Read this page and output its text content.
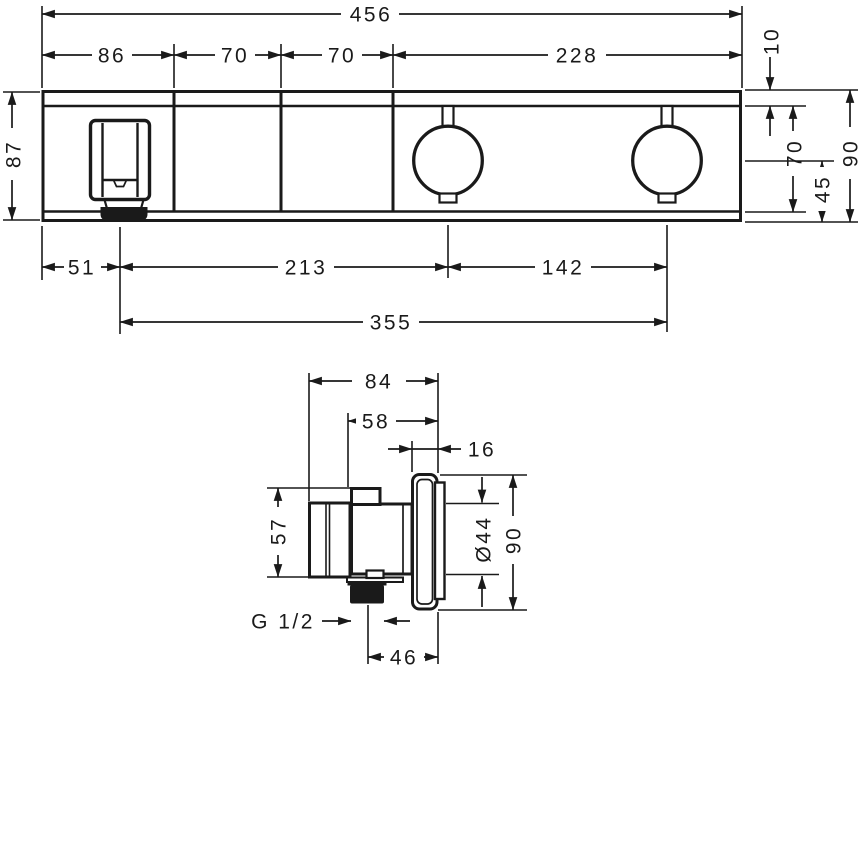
456
86	70	70	228
10
70
45
90
87
51	213	142
355
84
58
16
57	Ø44 90
G 1/2
46
